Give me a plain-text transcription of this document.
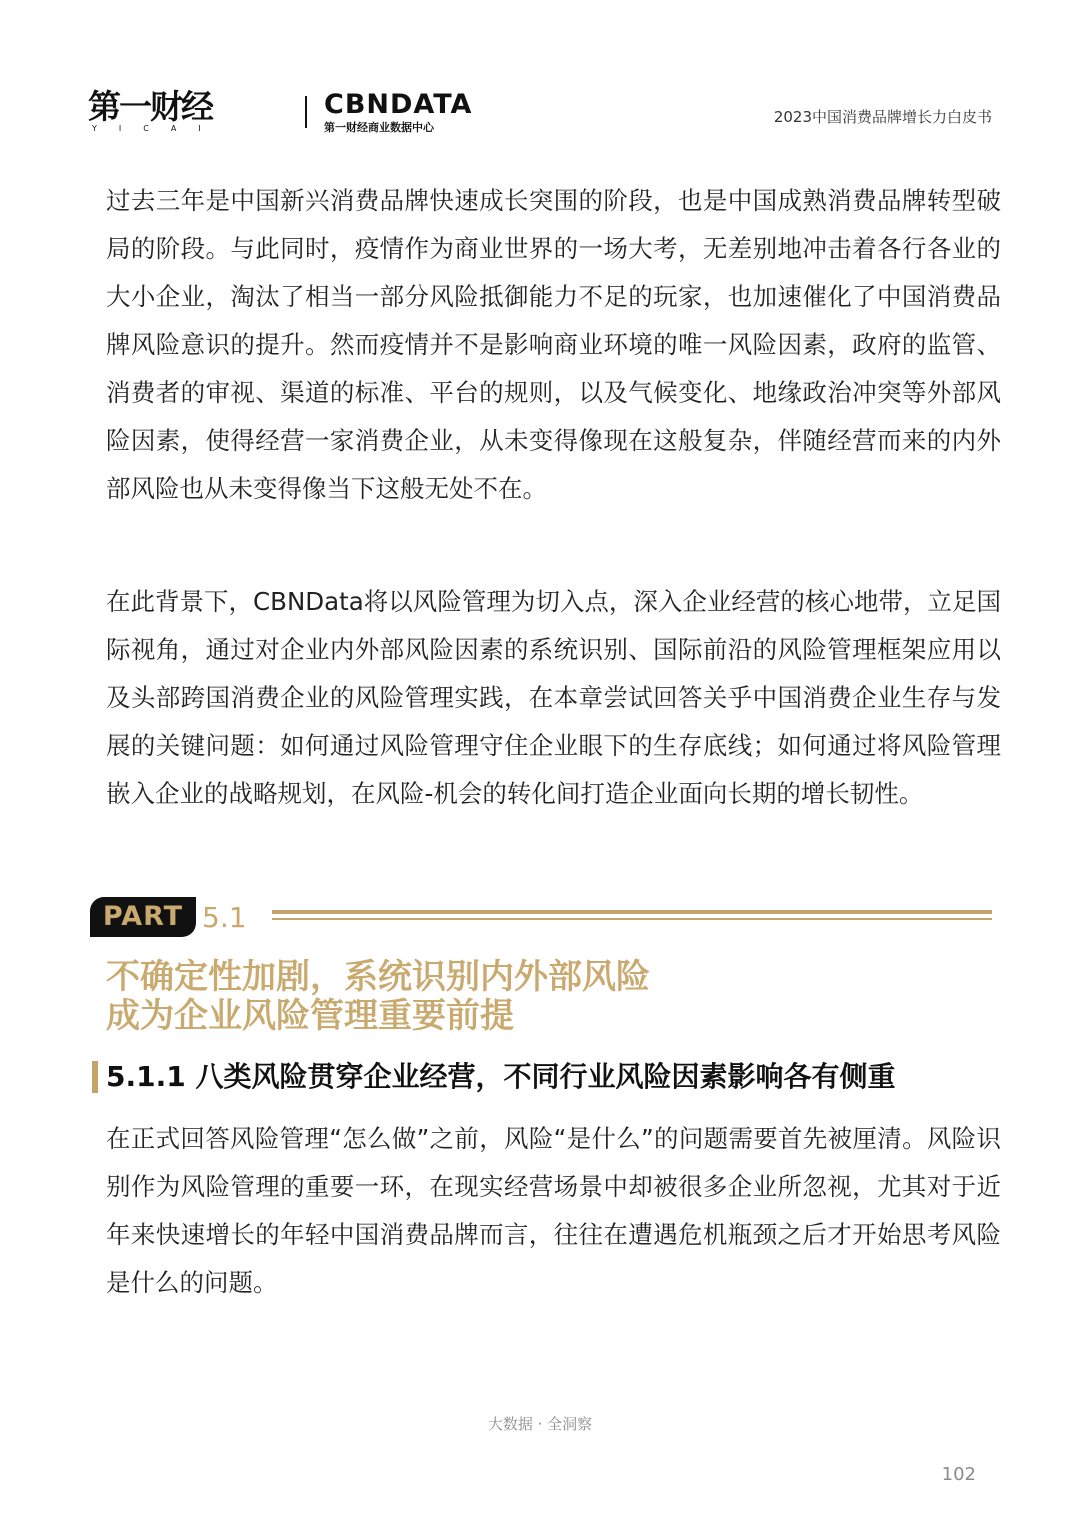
第一财经
YICAI
CBNDATA
第一财经商业数据中心
2023中国消费品牌增长力白皮书

过去三年是中国新兴消费品牌快速成长突围的阶段，也是中国成熟消费品牌转型破局的阶段。与此同时，疫情作为商业世界的一场大考，无差别地冲击着各行各业的大小企业，淘汰了相当一部分风险抵御能力不足的玩家，也加速催化了中国消费品牌风险意识的提升。然而疫情并不是影响商业环境的唯一风险因素，政府的监管、消费者的审视、渠道的标准、平台的规则，以及气候变化、地缘政治冲突等外部风险因素，使得经营一家消费企业，从未变得像现在这般复杂，伴随经营而来的内外部风险也从未变得像当下这般无处不在。

在此背景下，CBNData将以风险管理为切入点，深入企业经营的核心地带，立足国际视角，通过对企业内外部风险因素的系统识别、国际前沿的风险管理框架应用以及头部跨国消费企业的风险管理实践，在本章尝试回答关乎中国消费企业生存与发展的关键问题：如何通过风险管理守住企业眼下的生存底线；如何通过将风险管理嵌入企业的战略规划，在风险-机会的转化间打造企业面向长期的增长韧性。

PART 5.1
不确定性加剧，系统识别内外部风险
成为企业风险管理重要前提
5.1.1 八类风险贯穿企业经营，不同行业风险因素影响各有侧重

在正式回答风险管理“怎么做”之前，风险“是什么”的问题需要首先被厘清。风险识别作为风险管理的重要一环，在现实经营场景中却被很多企业所忽视，尤其对于近年来快速增长的年轻中国消费品牌而言，往往在遭遇危机瓶颈之后才开始思考风险是什么的问题。

大数据 · 全洞察
102
